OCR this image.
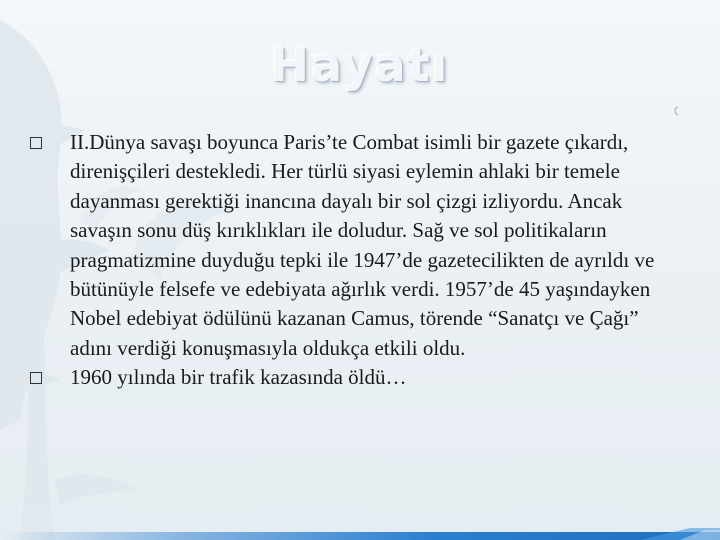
Hayatı
II.Dünya savaşı boyunca Paris’te Combat isimli bir gazete çıkardı, direnişçileri destekledi. Her türlü siyasi eylemin ahlaki bir temele dayanması gerektiği inancına dayalı bir sol çizgi izliyordu. Ancak savaşın sonu düş kırıklıkları ile doludur. Sağ ve sol politikaların pragmatizmine duyduğu tepki ile 1947’de gazetecilikten de ayrıldı ve bütünüyle felsefe ve edebiyata ağırlık verdi. 1957’de 45 yaşındayken Nobel edebiyat ödülünü kazanan Camus, törende “Sanatçı ve Çağı” adını verdiği konuşmasıyla oldukça etkili oldu.
1960 yılında bir trafik kazasında öldü…
